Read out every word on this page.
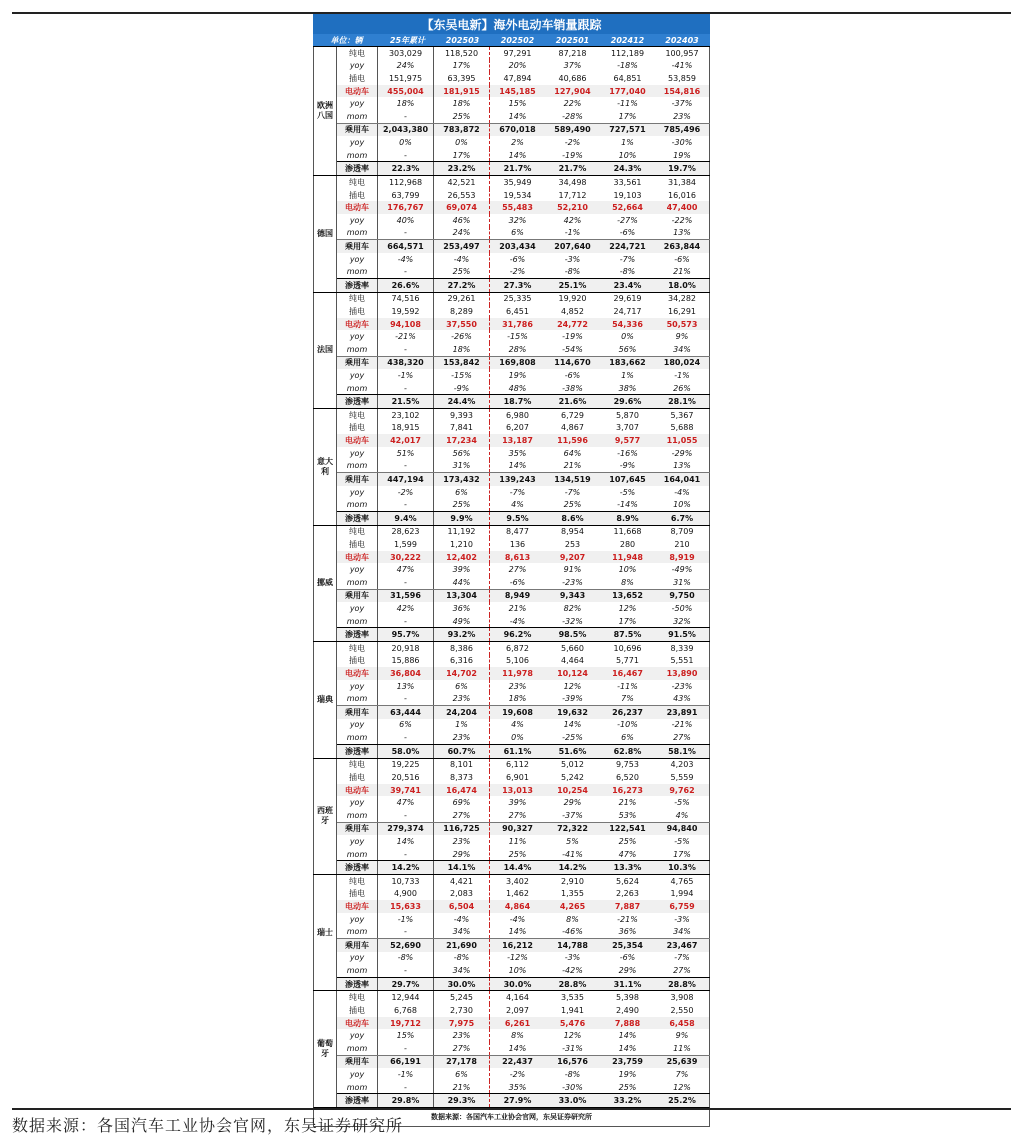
【东吴电新】海外电动车销量跟踪
单位：辆	25年累计	202503	202502	202501	202412	202403
欧洲
八国
纯电	303,029	118,520	97,291	87,218	112,189	100,957
yoy	24%	17%	20%	37%	-18%	-41%
插电	151,975	63,395	47,894	40,686	64,851	53,859
电动车	455,004	181,915	145,185	127,904	177,040	154,816
yoy	18%	18%	15%	22%	-11%	-37%
mom	-	25%	14%	-28%	17%	23%
乘用车	2,043,380	783,872	670,018	589,490	727,571	785,496
yoy	0%	0%	2%	-2%	1%	-30%
mom	-	17%	14%	-19%	10%	19%
渗透率	22.3%	23.2%	21.7%	21.7%	24.3%	19.7%
德国
纯电	112,968	42,521	35,949	34,498	33,561	31,384
插电	63,799	26,553	19,534	17,712	19,103	16,016
电动车	176,767	69,074	55,483	52,210	52,664	47,400
yoy	40%	46%	32%	42%	-27%	-22%
mom	-	24%	6%	-1%	-6%	13%
乘用车	664,571	253,497	203,434	207,640	224,721	263,844
yoy	-4%	-4%	-6%	-3%	-7%	-6%
mom	-	25%	-2%	-8%	-8%	21%
渗透率	26.6%	27.2%	27.3%	25.1%	23.4%	18.0%
法国
纯电	74,516	29,261	25,335	19,920	29,619	34,282
插电	19,592	8,289	6,451	4,852	24,717	16,291
电动车	94,108	37,550	31,786	24,772	54,336	50,573
yoy	-21%	-26%	-15%	-19%	0%	9%
mom	-	18%	28%	-54%	56%	34%
乘用车	438,320	153,842	169,808	114,670	183,662	180,024
yoy	-1%	-15%	19%	-6%	1%	-1%
mom	-	-9%	48%	-38%	38%	26%
渗透率	21.5%	24.4%	18.7%	21.6%	29.6%	28.1%
意大利
纯电	23,102	9,393	6,980	6,729	5,870	5,367
插电	18,915	7,841	6,207	4,867	3,707	5,688
电动车	42,017	17,234	13,187	11,596	9,577	11,055
yoy	51%	56%	35%	64%	-16%	-29%
mom	-	31%	14%	21%	-9%	13%
乘用车	447,194	173,432	139,243	134,519	107,645	164,041
yoy	-2%	6%	-7%	-7%	-5%	-4%
mom	-	25%	4%	25%	-14%	10%
渗透率	9.4%	9.9%	9.5%	8.6%	8.9%	6.7%
挪威
纯电	28,623	11,192	8,477	8,954	11,668	8,709
插电	1,599	1,210	136	253	280	210
电动车	30,222	12,402	8,613	9,207	11,948	8,919
yoy	47%	39%	27%	91%	10%	-49%
mom	-	44%	-6%	-23%	8%	31%
乘用车	31,596	13,304	8,949	9,343	13,652	9,750
yoy	42%	36%	21%	82%	12%	-50%
mom	-	49%	-4%	-32%	17%	32%
渗透率	95.7%	93.2%	96.2%	98.5%	87.5%	91.5%
瑞典
纯电	20,918	8,386	6,872	5,660	10,696	8,339
插电	15,886	6,316	5,106	4,464	5,771	5,551
电动车	36,804	14,702	11,978	10,124	16,467	13,890
yoy	13%	6%	23%	12%	-11%	-23%
mom	-	23%	18%	-39%	7%	43%
乘用车	63,444	24,204	19,608	19,632	26,237	23,891
yoy	6%	1%	4%	14%	-10%	-21%
mom	-	23%	0%	-25%	6%	27%
渗透率	58.0%	60.7%	61.1%	51.6%	62.8%	58.1%
西班牙
纯电	19,225	8,101	6,112	5,012	9,753	4,203
插电	20,516	8,373	6,901	5,242	6,520	5,559
电动车	39,741	16,474	13,013	10,254	16,273	9,762
yoy	47%	69%	39%	29%	21%	-5%
mom	-	27%	27%	-37%	53%	4%
乘用车	279,374	116,725	90,327	72,322	122,541	94,840
yoy	14%	23%	11%	5%	25%	-5%
mom	-	29%	25%	-41%	47%	17%
渗透率	14.2%	14.1%	14.4%	14.2%	13.3%	10.3%
瑞士
纯电	10,733	4,421	3,402	2,910	5,624	4,765
插电	4,900	2,083	1,462	1,355	2,263	1,994
电动车	15,633	6,504	4,864	4,265	7,887	6,759
yoy	-1%	-4%	-4%	8%	-21%	-3%
mom	-	34%	14%	-46%	36%	34%
乘用车	52,690	21,690	16,212	14,788	25,354	23,467
yoy	-8%	-8%	-12%	-3%	-6%	-7%
mom	-	34%	10%	-42%	29%	27%
渗透率	29.7%	30.0%	30.0%	28.8%	31.1%	28.8%
葡萄牙
纯电	12,944	5,245	4,164	3,535	5,398	3,908
插电	6,768	2,730	2,097	1,941	2,490	2,550
电动车	19,712	7,975	6,261	5,476	7,888	6,458
yoy	15%	23%	8%	12%	14%	9%
mom	-	27%	14%	-31%	14%	11%
乘用车	66,191	27,178	22,437	16,576	23,759	25,639
yoy	-1%	6%	-2%	-8%	19%	7%
mom	-	21%	35%	-30%	25%	12%
渗透率	29.8%	29.3%	27.9%	33.0%	33.2%	25.2%
数据来源：各国汽车工业协会官网，东吴证券研究所
数据来源：各国汽车工业协会官网，东吴证券研究所
